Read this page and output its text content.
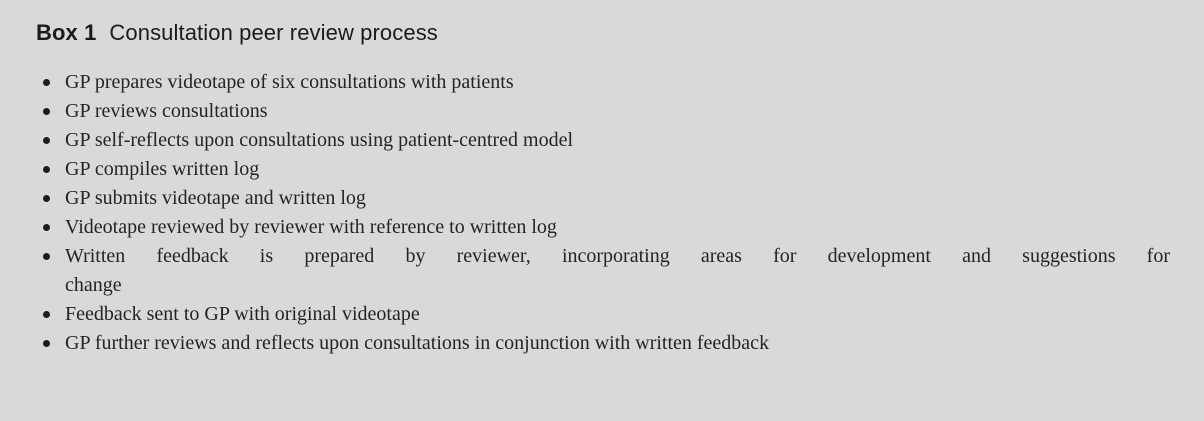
Box 1 Consultation peer review process
GP prepares videotape of six consultations with patients
GP reviews consultations
GP self-reflects upon consultations using patient-centred model
GP compiles written log
GP submits videotape and written log
Videotape reviewed by reviewer with reference to written log
Written feedback is prepared by reviewer, incorporating areas for development and suggestions for
change
Feedback sent to GP with original videotape
GP further reviews and reflects upon consultations in conjunction with written feedback
